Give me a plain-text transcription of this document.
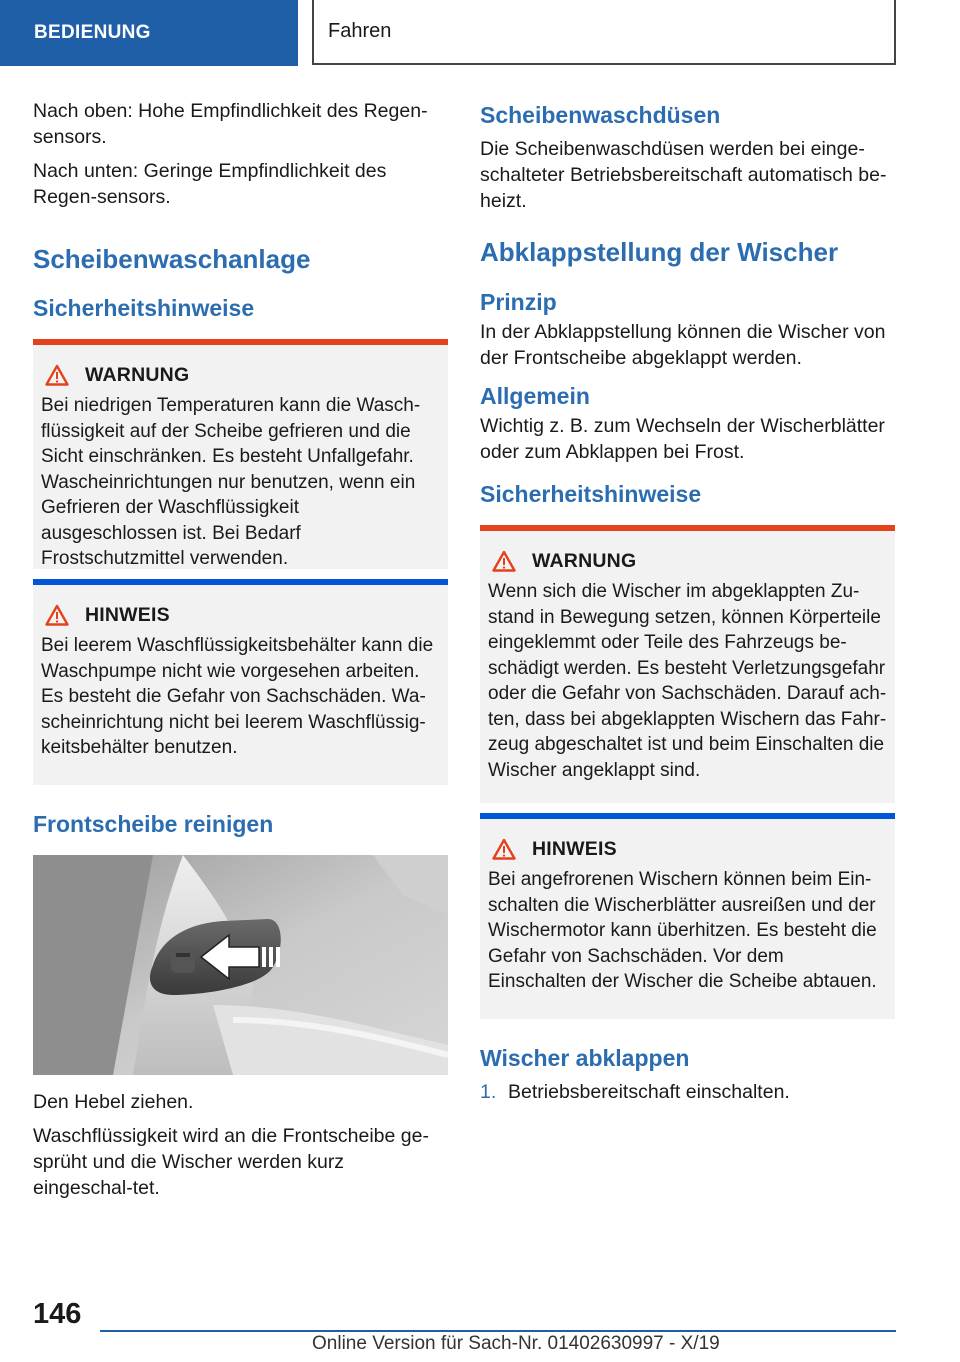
BEDIENUNG	Fahren

Nach oben: Hohe Empfindlichkeit des Regen-sensors.

Nach unten: Geringe Empfindlichkeit des Regen-sensors.

Scheibenwaschanlage
Sicherheitshinweise
WARNUNG

Bei niedrigen Temperaturen kann die Wasch-flüssigkeit auf der Scheibe gefrieren und die Sicht einschränken. Es besteht Unfallgefahr. Wascheinrichtungen nur benutzen, wenn ein Gefrieren der Waschflüssigkeit ausgeschlossen ist. Bei Bedarf Frostschutzmittel verwenden.

HINWEIS

Bei leerem Waschflüssigkeitsbehälter kann die Waschpumpe nicht wie vorgesehen arbeiten. Es besteht die Gefahr von Sachschäden. Wa-scheinrichtung nicht bei leerem Waschflüssig-keitsbehälter benutzen.

Frontscheibe reinigen

Den Hebel ziehen.

Waschflüssigkeit wird an die Frontscheibe ge-sprüht und die Wischer werden kurz eingeschal-tet.

Scheibenwaschdüsen

Die Scheibenwaschdüsen werden bei einge-schalteter Betriebsbereitschaft automatisch be-heizt.

Abklappstellung der Wischer
Prinzip

In der Abklappstellung können die Wischer von der Frontscheibe abgeklappt werden.

Allgemein

Wichtig z. B. zum Wechseln der Wischerblätter oder zum Abklappen bei Frost.

Sicherheitshinweise
WARNUNG

Wenn sich die Wischer im abgeklappten Zu-stand in Bewegung setzen, können Körperteile eingeklemmt oder Teile des Fahrzeugs be-schädigt werden. Es besteht Verletzungsgefahr oder die Gefahr von Sachschäden. Darauf ach-ten, dass bei abgeklappten Wischern das Fahr-zeug abgeschaltet ist und beim Einschalten die Wischer angeklappt sind.

HINWEIS

Bei angefrorenen Wischern können beim Ein-schalten die Wischerblätter ausreißen und der Wischermotor kann überhitzen. Es besteht die Gefahr von Sachschäden. Vor dem Einschalten der Wischer die Scheibe abtauen.

Wischer abklappen
1. Betriebsbereitschaft einschalten.
146
Online Version für Sach-Nr. 01402630997 - X/19
